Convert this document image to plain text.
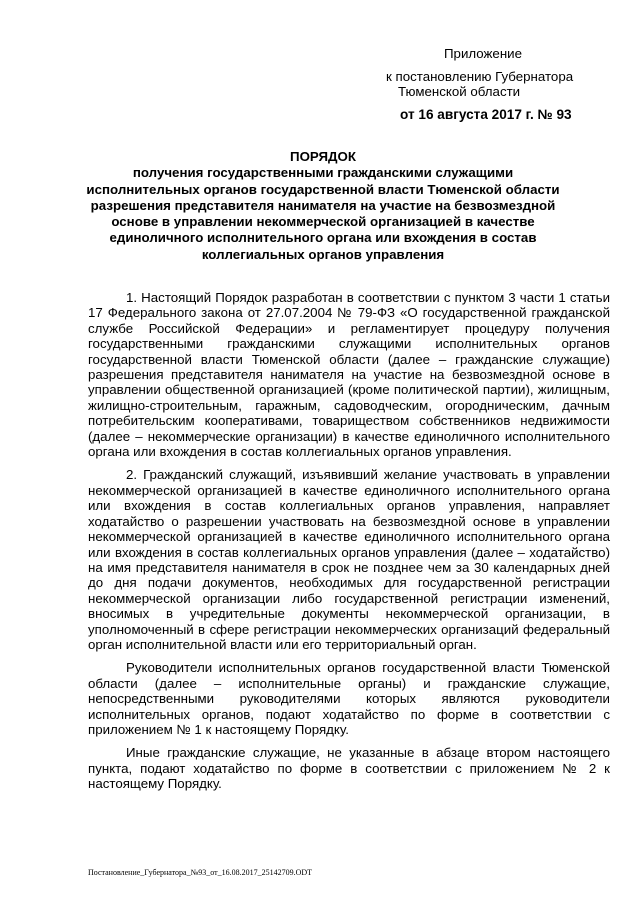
Приложение
к постановлению Губернатора
Тюменской области
от 16 августа 2017 г. № 93
ПОРЯДОК
получения государственными гражданскими служащими исполнительных органов государственной власти Тюменской области разрешения представителя нанимателя на участие на безвозмездной основе в управлении некоммерческой организацией в качестве единоличного исполнительного органа или вхождения в состав коллегиальных органов управления

1. Настоящий Порядок разработан в соответствии с пунктом 3 части 1 статьи 17 Федерального закона от 27.07.2004 № 79-ФЗ «О государственной гражданской службе Российской Федерации» и регламентирует процедуру получения государственными гражданскими служащими исполнительных органов государственной власти Тюменской области (далее – гражданские служащие) разрешения представителя нанимателя на участие на безвозмездной основе в управлении общественной организацией (кроме политической партии), жилищным, жилищно-строительным, гаражным, садоводческим, огородническим, дачным потребительским кооперативами, товариществом собственников недвижимости (далее – некоммерческие организации) в качестве единоличного исполнительного органа или вхождения в состав коллегиальных органов управления.

2. Гражданский служащий, изъявивший желание участвовать в управлении некоммерческой организацией в качестве единоличного исполнительного органа или вхождения в состав коллегиальных органов управления, направляет ходатайство о разрешении участвовать на безвозмездной основе в управлении некоммерческой организацией в качестве единоличного исполнительного органа или вхождения в состав коллегиальных органов управления (далее – ходатайство) на имя представителя нанимателя в срок не позднее чем за 30 календарных дней до дня подачи документов, необходимых для государственной регистрации некоммерческой организации либо государственной регистрации изменений, вносимых в учредительные документы некоммерческой организации, в уполномоченный в сфере регистрации некоммерческих организаций федеральный орган исполнительной власти или его территориальный орган.

Руководители исполнительных органов государственной власти Тюменской области (далее – исполнительные органы) и гражданские служащие, непосредственными руководителями которых являются руководители исполнительных органов, подают ходатайство по форме в соответствии с приложением № 1 к настоящему Порядку.

Иные гражданские служащие, не указанные в абзаце втором настоящего пункта, подают ходатайство по форме в соответствии с приложением № 2 к настоящему Порядку.

Постановление_Губернатора_№93_от_16.08.2017_25142709.ODT
